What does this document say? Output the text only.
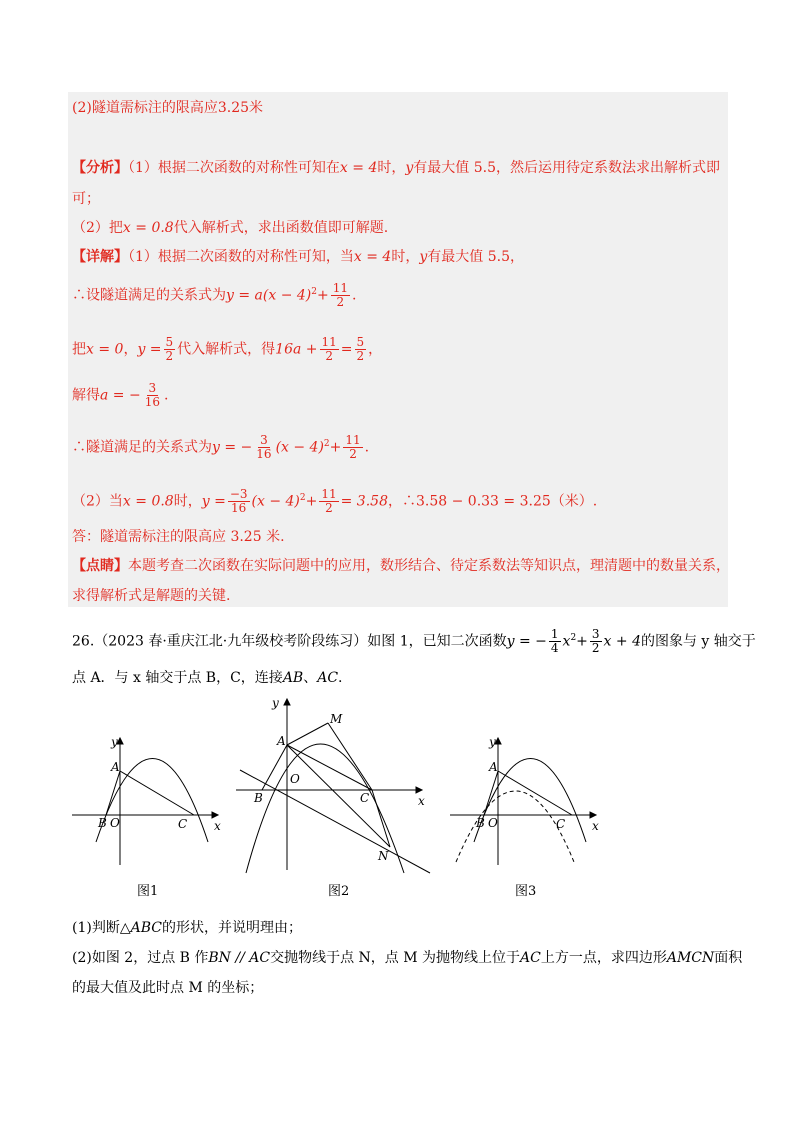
(2)隧道需标注的限高应3.25米
【分析】（1）根据二次函数的对称性可知在x = 4时，y有最大值 5.5，然后运用待定系数法求出解析式即
可；
（2）把x = 0.8代入解析式，求出函数值即可解题.
【详解】（1）根据二次函数的对称性可知，当x = 4时，y有最大值 5.5，
∴设隧道满足的关系式为$y = a(x - 4)^2+ \frac{11}{2}$ .
把x = 0，$y = \frac{5}{2}$ 代入解析式，得$16a + \frac{11}{2} = \frac{5}{2}$ ，
解得a = − $\frac{3}{16}$ .
∴隧道满足的关系式为y = − $\frac{3}{16} (x - 4)^2+ \frac{11}{2}$ .
（2）当x = 0.8时，$y = \frac{-3}{16} (x - 4)^2+ \frac{11}{2} = 3.58$，∴3.58 − 0.33 = 3.25（米）.
答：隧道需标注的限高应 3.25 米.
【点睛】本题考查二次函数在实际问题中的应用，数形结合、待定系数法等知识点，理清题中的数量关系，
求得解析式是解题的关键.
26.（2023 春·重庆江北·九年级校考阶段练习）如图 1，已知二次函数y = − $\frac{1}{4} x^2+ \frac{3}{2}$ x + 4的图象与 y 轴交于
点 A．与 x 轴交于点 B，C，连接AB、AC.
y
x
A
B O	C
图1
y
x
A
M
O
B	C
N
图2
y
x
A
B O	C
图3
(1)判断△ABC的形状，并说明理由；
(2)如图 2，过点 B 作BN // AC交抛物线于点 N，点 M 为抛物线上位于AC上方一点，求四边形AMCN面积
的最大值及此时点 M 的坐标；
